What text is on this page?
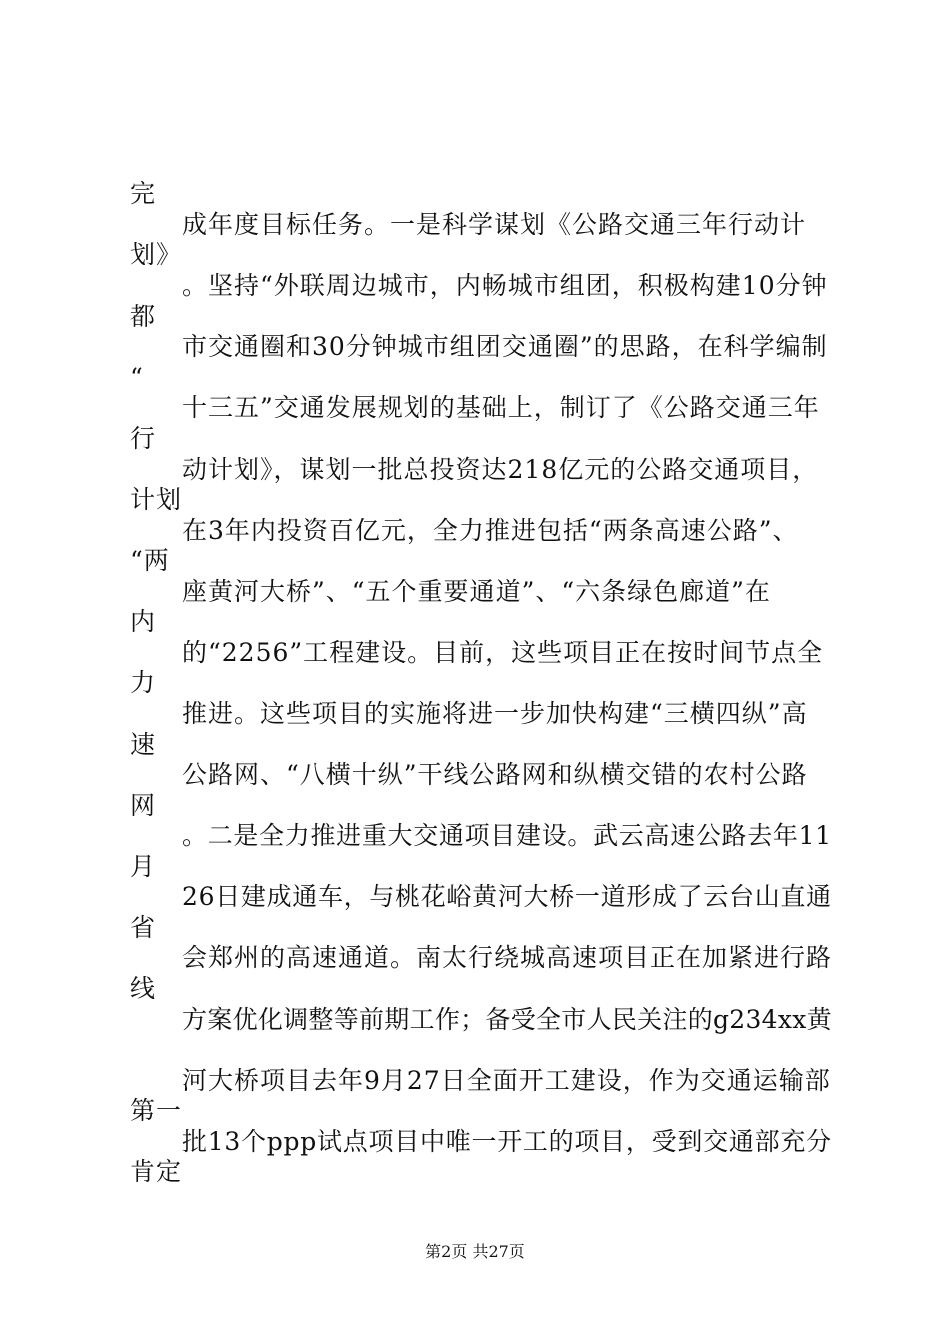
完
成年度目标任务。一是科学谋划《公路交通三年行动计
划》
。坚持“外联周边城市，内畅城市组团，积极构建10分钟
都
市交通圈和30分钟城市组团交通圈”的思路，在科学编制
“
十三五”交通发展规划的基础上，制订了《公路交通三年
行
动计划》，谋划一批总投资达218亿元的公路交通项目，
计划
在3年内投资百亿元，全力推进包括“两条高速公路”、
“两
座黄河大桥”、“五个重要通道”、“六条绿色廊道”在
内
的“2256”工程建设。目前，这些项目正在按时间节点全
力
推进。这些项目的实施将进一步加快构建“三横四纵”高
速
公路网、“八横十纵”干线公路网和纵横交错的农村公路
网
。二是全力推进重大交通项目建设。武云高速公路去年11
月
26日建成通车，与桃花峪黄河大桥一道形成了云台山直通
省
会郑州的高速通道。南太行绕城高速项目正在加紧进行路
线
方案优化调整等前期工作；备受全市人民关注的g234xx黄
河大桥项目去年9月27日全面开工建设，作为交通运输部
第一
批13个ppp试点项目中唯一开工的项目，受到交通部充分
肯定
第2页 共27页
